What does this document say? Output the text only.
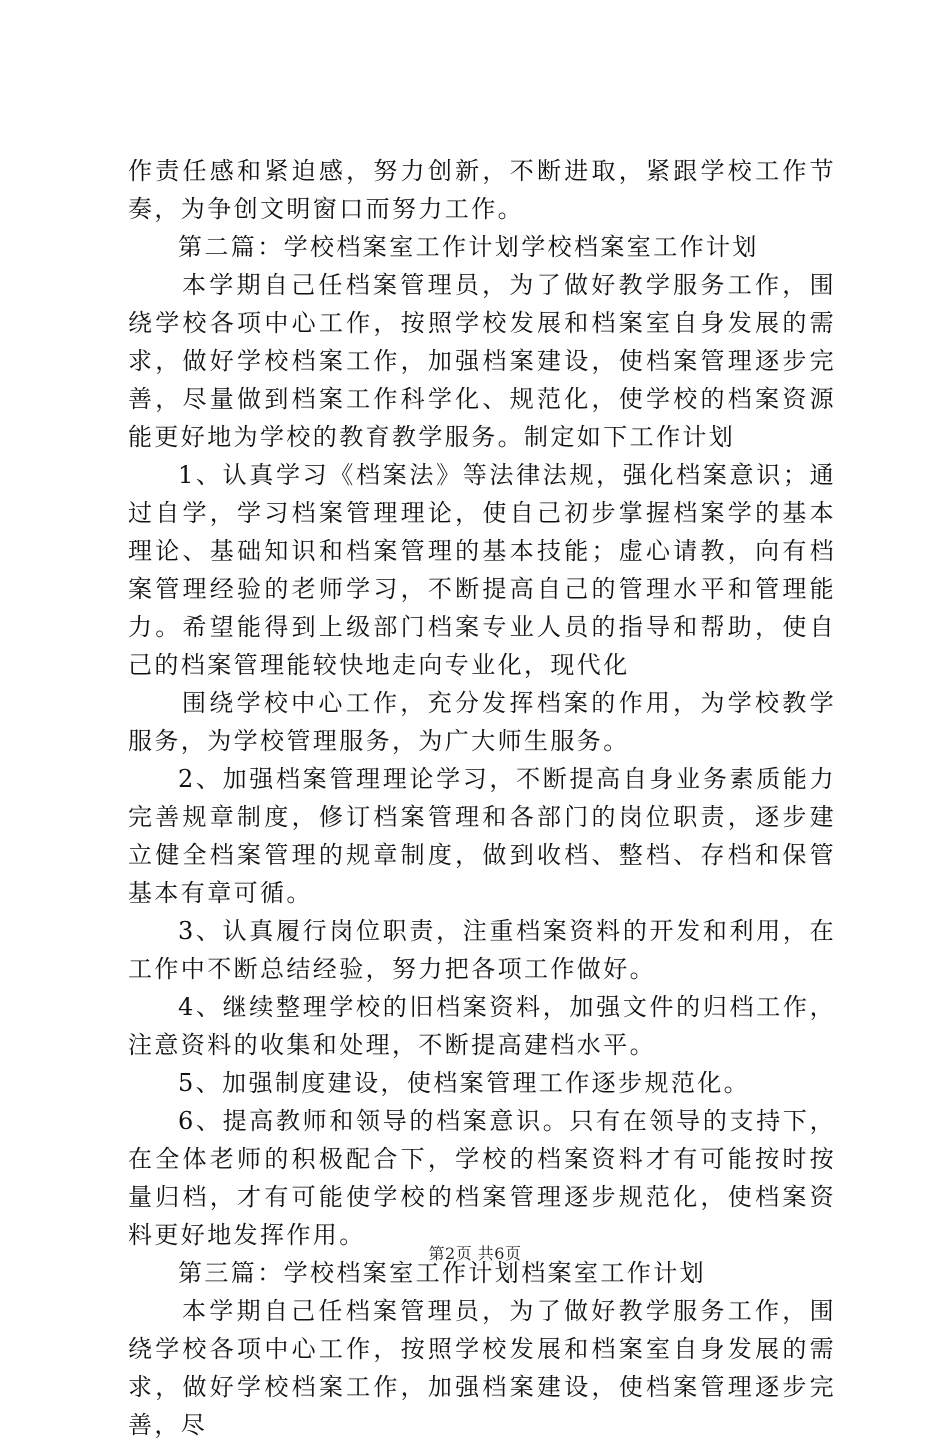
作责任感和紧迫感，努力创新，不断进取，紧跟学校工作节奏，为争创文明窗口而努力工作。

第二篇：学校档案室工作计划学校档案室工作计划

本学期自己任档案管理员，为了做好教学服务工作，围绕学校各项中心工作，按照学校发展和档案室自身发展的需求，做好学校档案工作，加强档案建设，使档案管理逐步完善，尽量做到档案工作科学化、规范化，使学校的档案资源能更好地为学校的教育教学服务。制定如下工作计划

1、认真学习《档案法》等法律法规，强化档案意识；通过自学，学习档案管理理论，使自己初步掌握档案学的基本理论、基础知识和档案管理的基本技能；虚心请教，向有档案管理经验的老师学习，不断提高自己的管理水平和管理能力。希望能得到上级部门档案专业人员的指导和帮助，使自己的档案管理能较快地走向专业化，现代化

围绕学校中心工作，充分发挥档案的作用，为学校教学服务，为学校管理服务，为广大师生服务。

2、加强档案管理理论学习，不断提高自身业务素质能力完善规章制度，修订档案管理和各部门的岗位职责，逐步建立健全档案管理的规章制度，做到收档、整档、存档和保管基本有章可循。

3、认真履行岗位职责，注重档案资料的开发和利用，在工作中不断总结经验，努力把各项工作做好。

4、继续整理学校的旧档案资料，加强文件的归档工作，注意资料的收集和处理，不断提高建档水平。

5、加强制度建设，使档案管理工作逐步规范化。

6、提高教师和领导的档案意识。只有在领导的支持下，在全体老师的积极配合下，学校的档案资料才有可能按时按量归档，才有可能使学校的档案管理逐步规范化，使档案资料更好地发挥作用。

第三篇：学校档案室工作计划档案室工作计划

本学期自己任档案管理员，为了做好教学服务工作，围绕学校各项中心工作，按照学校发展和档案室自身发展的需求，做好学校档案工作，加强档案建设，使档案管理逐步完善，尽

第2页 共6页
